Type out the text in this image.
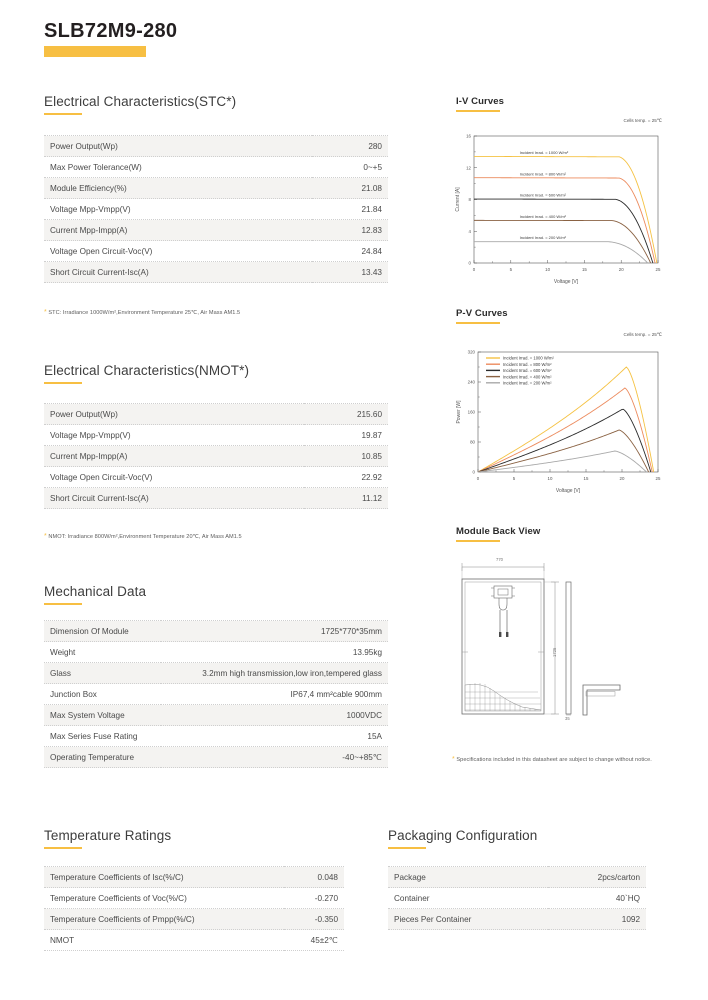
SLB72M9-280
Electrical Characteristics(STC*)
Power Output(Wp)	280
Max Power Tolerance(W)	0~+5
Module Efficiency(%)	21.08
Voltage Mpp-Vmpp(V)	21.84
Current Mpp-Impp(A)	12.83
Voltage Open Circuit-Voc(V)	24.84
Short Circuit Current-Isc(A)	13.43
* STC: Irradiance 1000W/m²,Environment Temperature 25℃, Air Mass AM1.5
Electrical Characteristics(NMOT*)
Power Output(Wp)	215.60
Voltage Mpp-Vmpp(V)	19.87
Current Mpp-Impp(A)	10.85
Voltage Open Circuit-Voc(V)	22.92
Short Circuit Current-Isc(A)	11.12
* NMOT: Irradiance 800W/m²,Environment Temperature 20℃, Air Mass AM1.5
Mechanical Data
Dimension Of Module	1725*770*35mm
Weight	13.95kg
Glass	3.2mm high transmission,low iron,tempered glass
Junction Box	IP67,4 mm²cable 900mm
Max System Voltage	1000VDC
Max Series Fuse Rating	15A
Operating Temperature	-40~+85℃
Temperature Ratings
Temperature Coefficients of Isc(%/C)	0.048
Temperature Coefficients of Voc(%/C)	-0.270
Temperature Coefficients of Pmpp(%/C)	-0.350
NMOT	45±2℃
Packaging Configuration
Package	2pcs/carton
Container	40`HQ
Pieces Per Container	1092
I-V Curves
Cells temp. = 25℃
0	5	10	15	20	25
0
4
8
12
16
Incident Irrad. = 1000 W/m²
Incident Irrad. = 800 W/m²
Incident Irrad. = 600 W/m²
Incident Irrad. = 400 W/m²
Incident Irrad. = 200 W/m²
Voltage [V]
Current [A]
P-V Curves
Cells temp. = 25℃
0	5	10	15	20	25
0
80
160
240
320
Incident Irrad. = 1000 W/m²
Incident Irrad. = 800 W/m²
Incident Irrad. = 600 W/m²
Incident Irrad. = 400 W/m²
Incident Irrad. = 200 W/m²
Voltage [V]
Power [W]
Module Back View
770
1725
35
* Specifications included in this datasheet are subject to change without notice.
